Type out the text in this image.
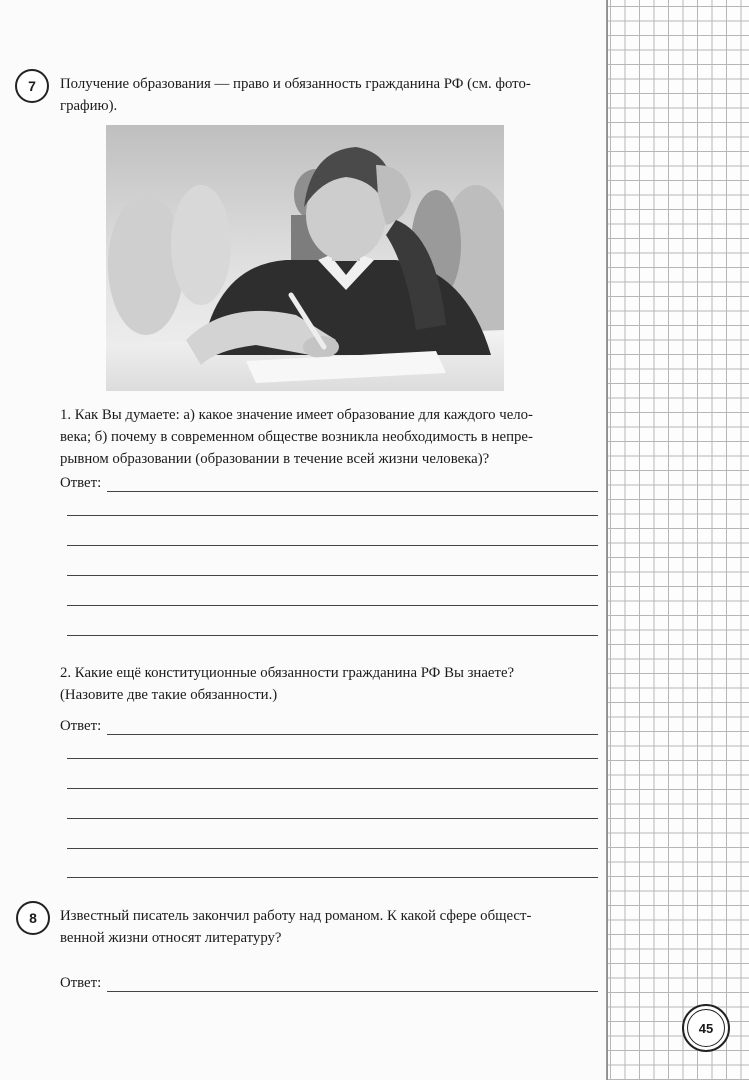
7 Получение образования — право и обязанность гражданина РФ (см. фото-
графию).
1. Как Вы думаете: а) какое значение имеет образование для каждого чело-
века; б) почему в современном обществе возникла необходимость в непре-
рывном образовании (образовании в течение всей жизни человека)?
Ответ:
2. Какие ещё конституционные обязанности гражданина РФ Вы знаете?
(Назовите две такие обязанности.)
Ответ:
8 Известный писатель закончил работу над романом. К какой сфере общест-
венной жизни относят литературу?
Ответ:
45
